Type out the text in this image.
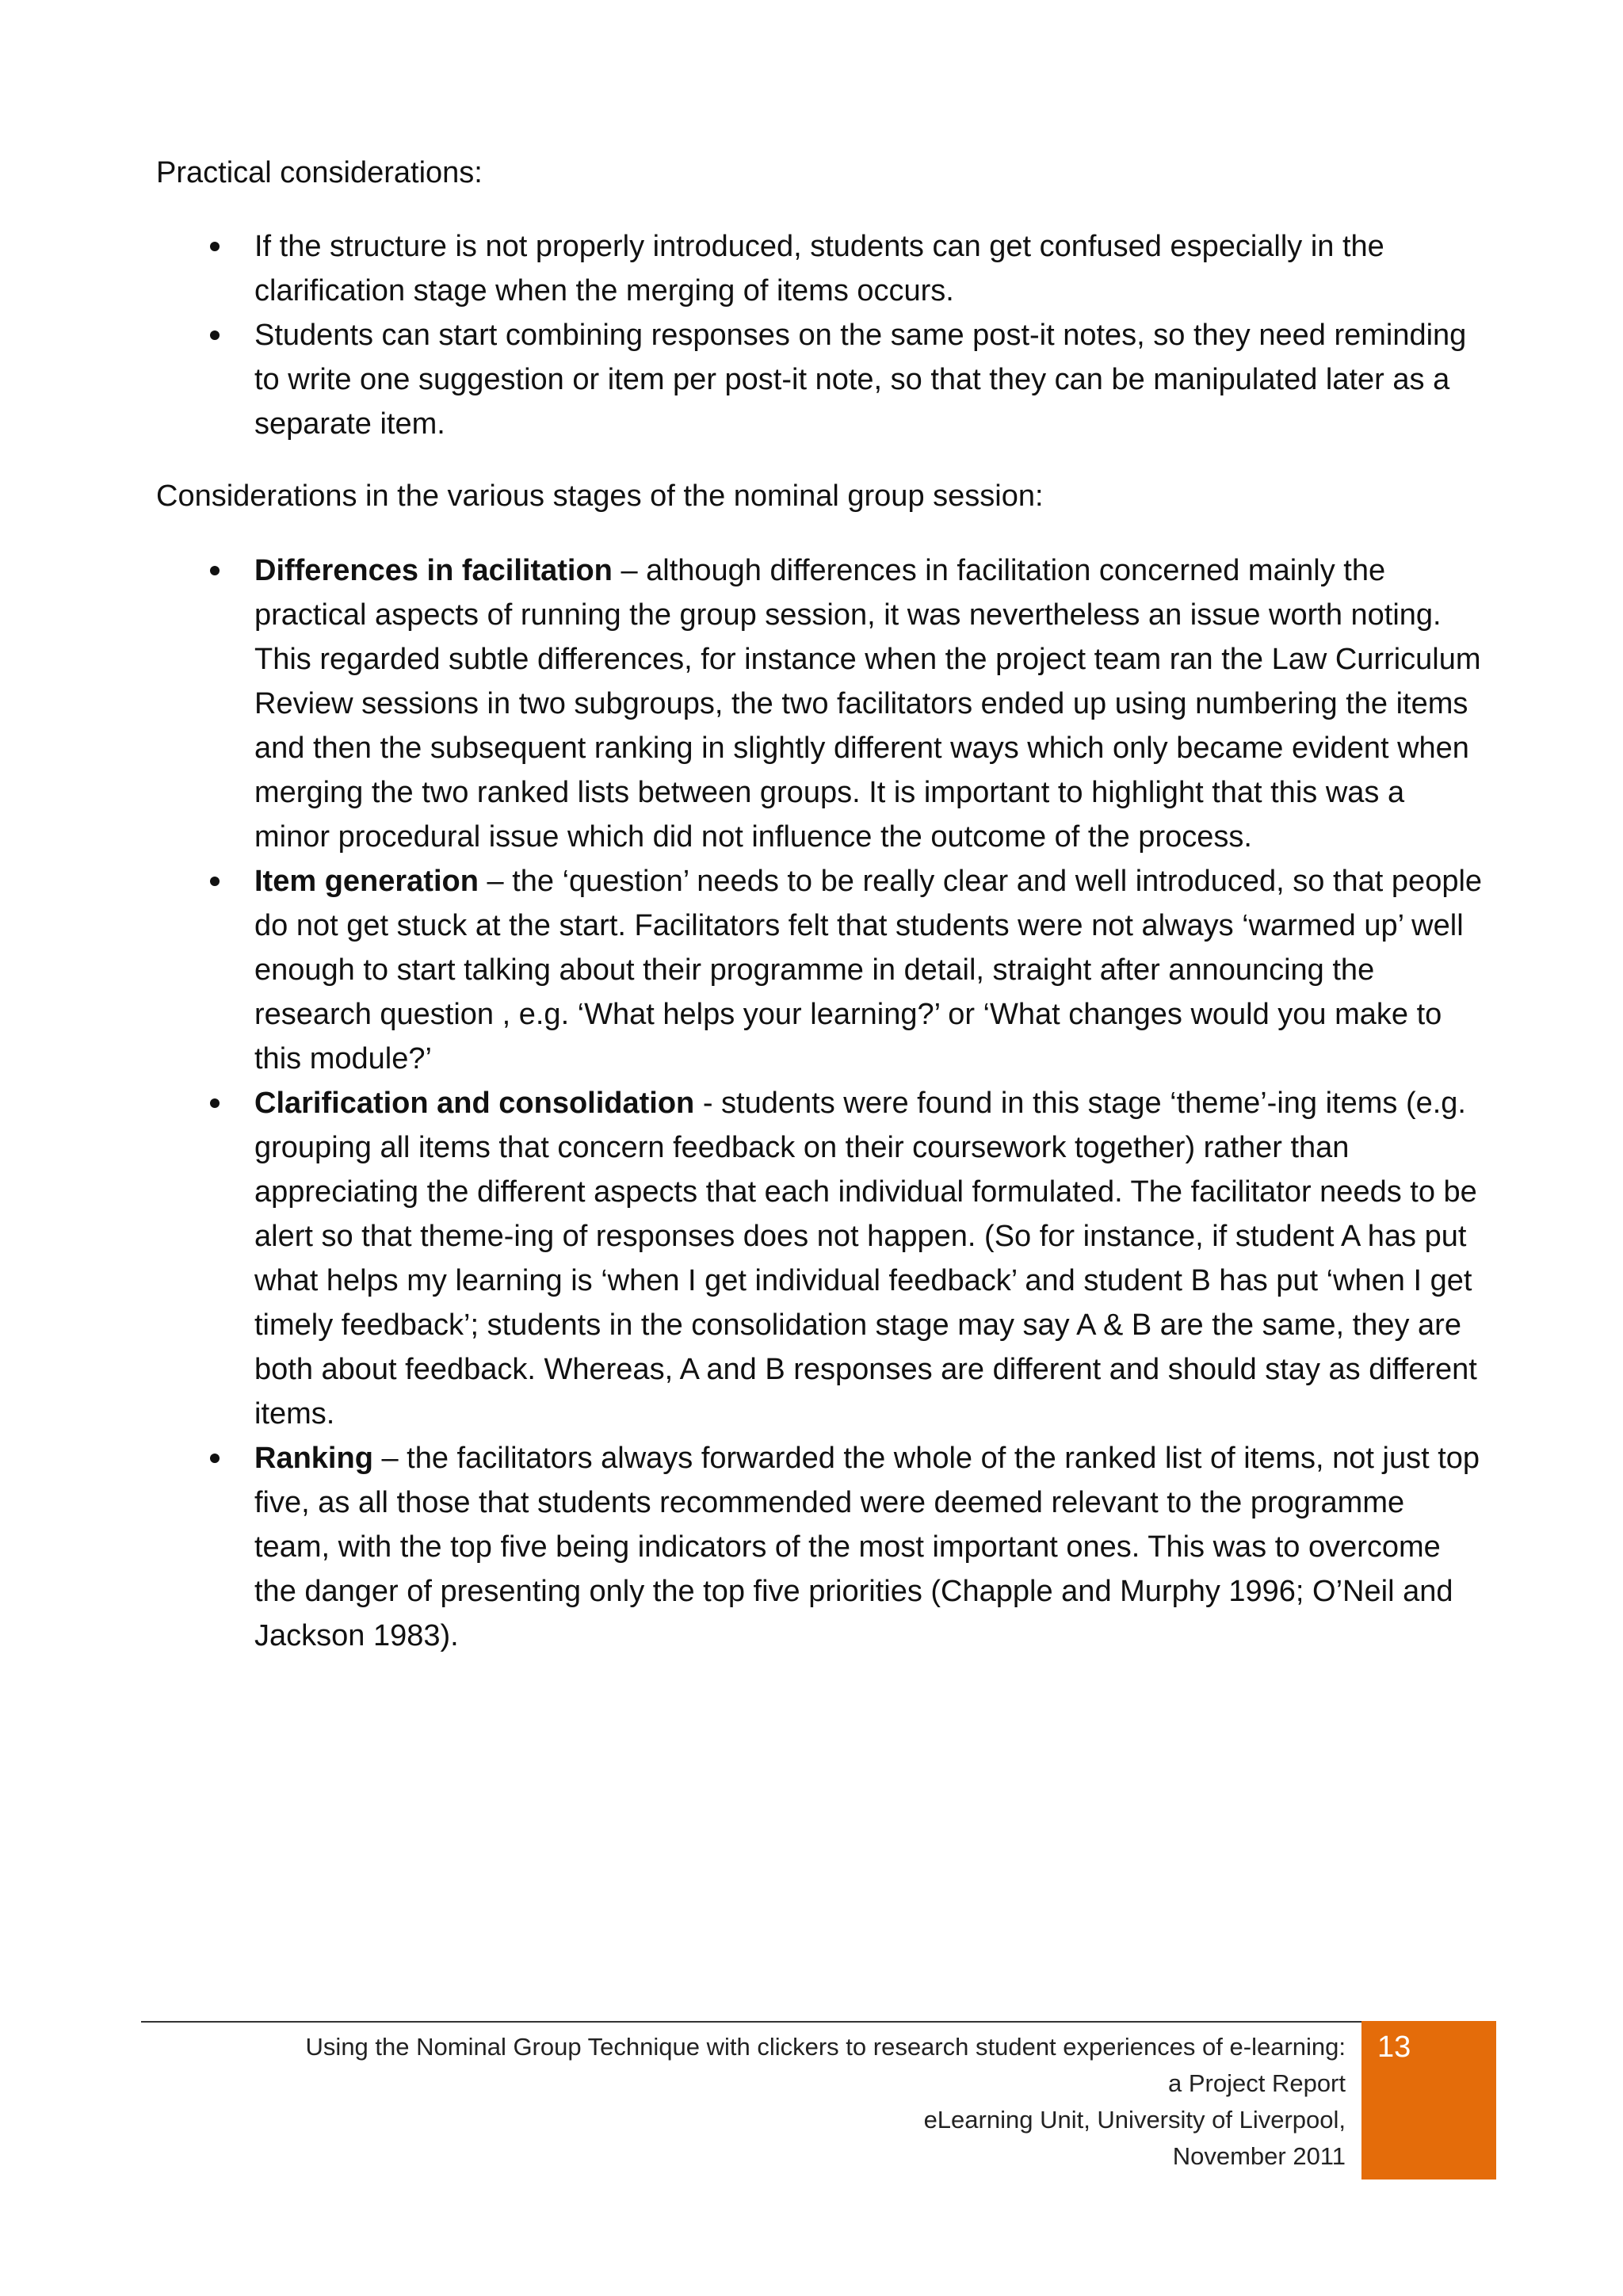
Practical considerations:

If the structure is not properly introduced, students can get confused especially in the clarification stage when the merging of items occurs.
Students can start combining responses on the same post-it notes, so they need reminding to write one suggestion or item per post-it note, so that they can be manipulated later as a separate item.

Considerations in the various stages of the nominal group session:

Differences in facilitation – although differences in facilitation concerned mainly the practical aspects of running the group session, it was nevertheless an issue worth noting. This regarded subtle differences, for instance when the project team ran the Law Curriculum Review sessions in two subgroups, the two facilitators ended up using numbering the items and then the subsequent ranking in slightly different ways which only became evident when merging the two ranked lists between groups. It is important to highlight that this was a minor procedural issue which did not influence the outcome of the process.
Item generation – the ‘question’ needs to be really clear and well introduced, so that people do not get stuck at the start. Facilitators felt that students were not always ‘warmed up’ well enough to start talking about their programme in detail, straight after announcing the research question , e.g. ‘What helps your learning?’ or ‘What changes would you make to this module?’
Clarification and consolidation - students were found in this stage ‘theme’-ing items (e.g. grouping all items that concern feedback on their coursework together) rather than appreciating the different aspects that each individual formulated. The facilitator needs to be alert so that theme-ing of responses does not happen. (So for instance, if student A has put what helps my learning is ‘when I get individual feedback’ and student B has put ‘when I get timely feedback’; students in the consolidation stage may say A & B are the same, they are both about feedback. Whereas, A and B responses are different and should stay as different items.
Ranking – the facilitators always forwarded the whole of the ranked list of items, not just top five, as all those that students recommended were deemed relevant to the programme team, with the top five being indicators of the most important ones. This was to overcome the danger of presenting only the top five priorities (Chapple and Murphy 1996; O’Neil and Jackson 1983).
Using the Nominal Group Technique with clickers to research student experiences of e-learning:
a Project Report
eLearning Unit, University of Liverpool,
November 2011
13
